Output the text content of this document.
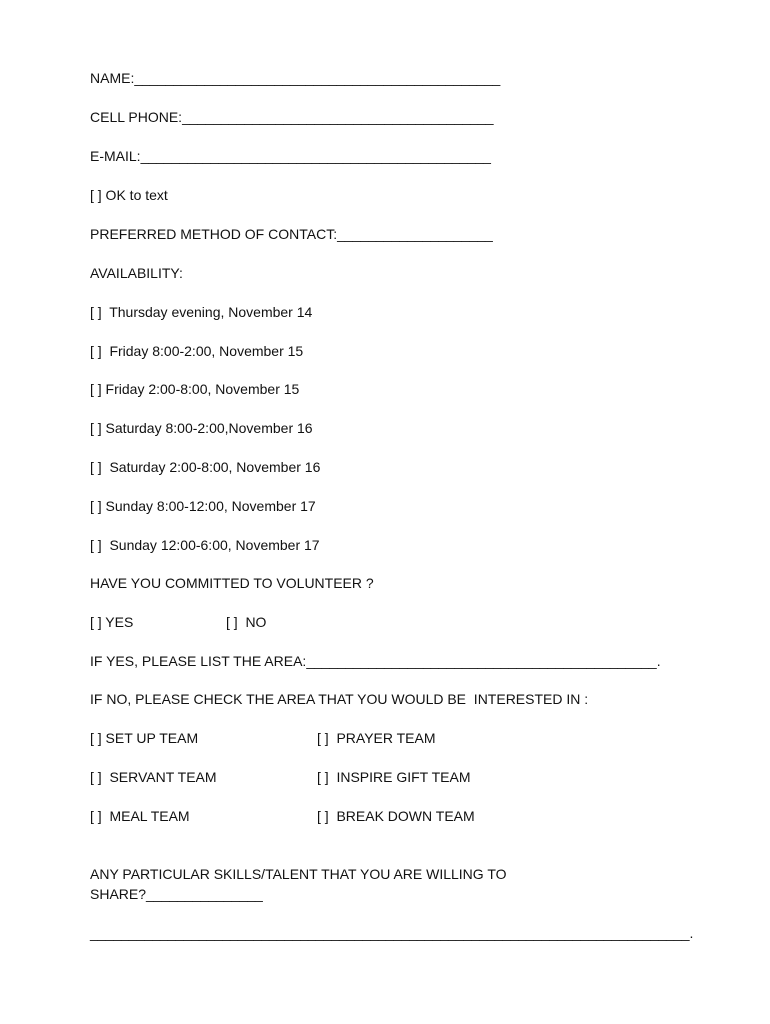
NAME:_______________________________________________
CELL PHONE:________________________________________
E-MAIL:_____________________________________________
[ ] OK to text
PREFERRED METHOD OF CONTACT:____________________
AVAILABILITY:
[ ]  Thursday evening, November 14
[ ]  Friday 8:00-2:00, November 15
[ ] Friday 2:00-8:00, November 15
[ ] Saturday 8:00-2:00,November 16
[ ]  Saturday 2:00-8:00, November 16
[ ] Sunday 8:00-12:00, November 17
[ ]  Sunday 12:00-6:00, November 17
HAVE YOU COMMITTED TO VOLUNTEER ?
[ ] YES	[ ]  NO
IF YES, PLEASE LIST THE AREA:_____________________________________________.
IF NO, PLEASE CHECK THE AREA THAT YOU WOULD BE  INTERESTED IN :
[ ] SET UP TEAM	[ ]  PRAYER TEAM
[ ]  SERVANT TEAM	[ ]  INSPIRE GIFT TEAM
[ ]  MEAL TEAM	[ ]  BREAK DOWN TEAM
ANY PARTICULAR SKILLS/TALENT THAT YOU ARE WILLING TO
SHARE?_______________
_____________________________________________________________________________.
